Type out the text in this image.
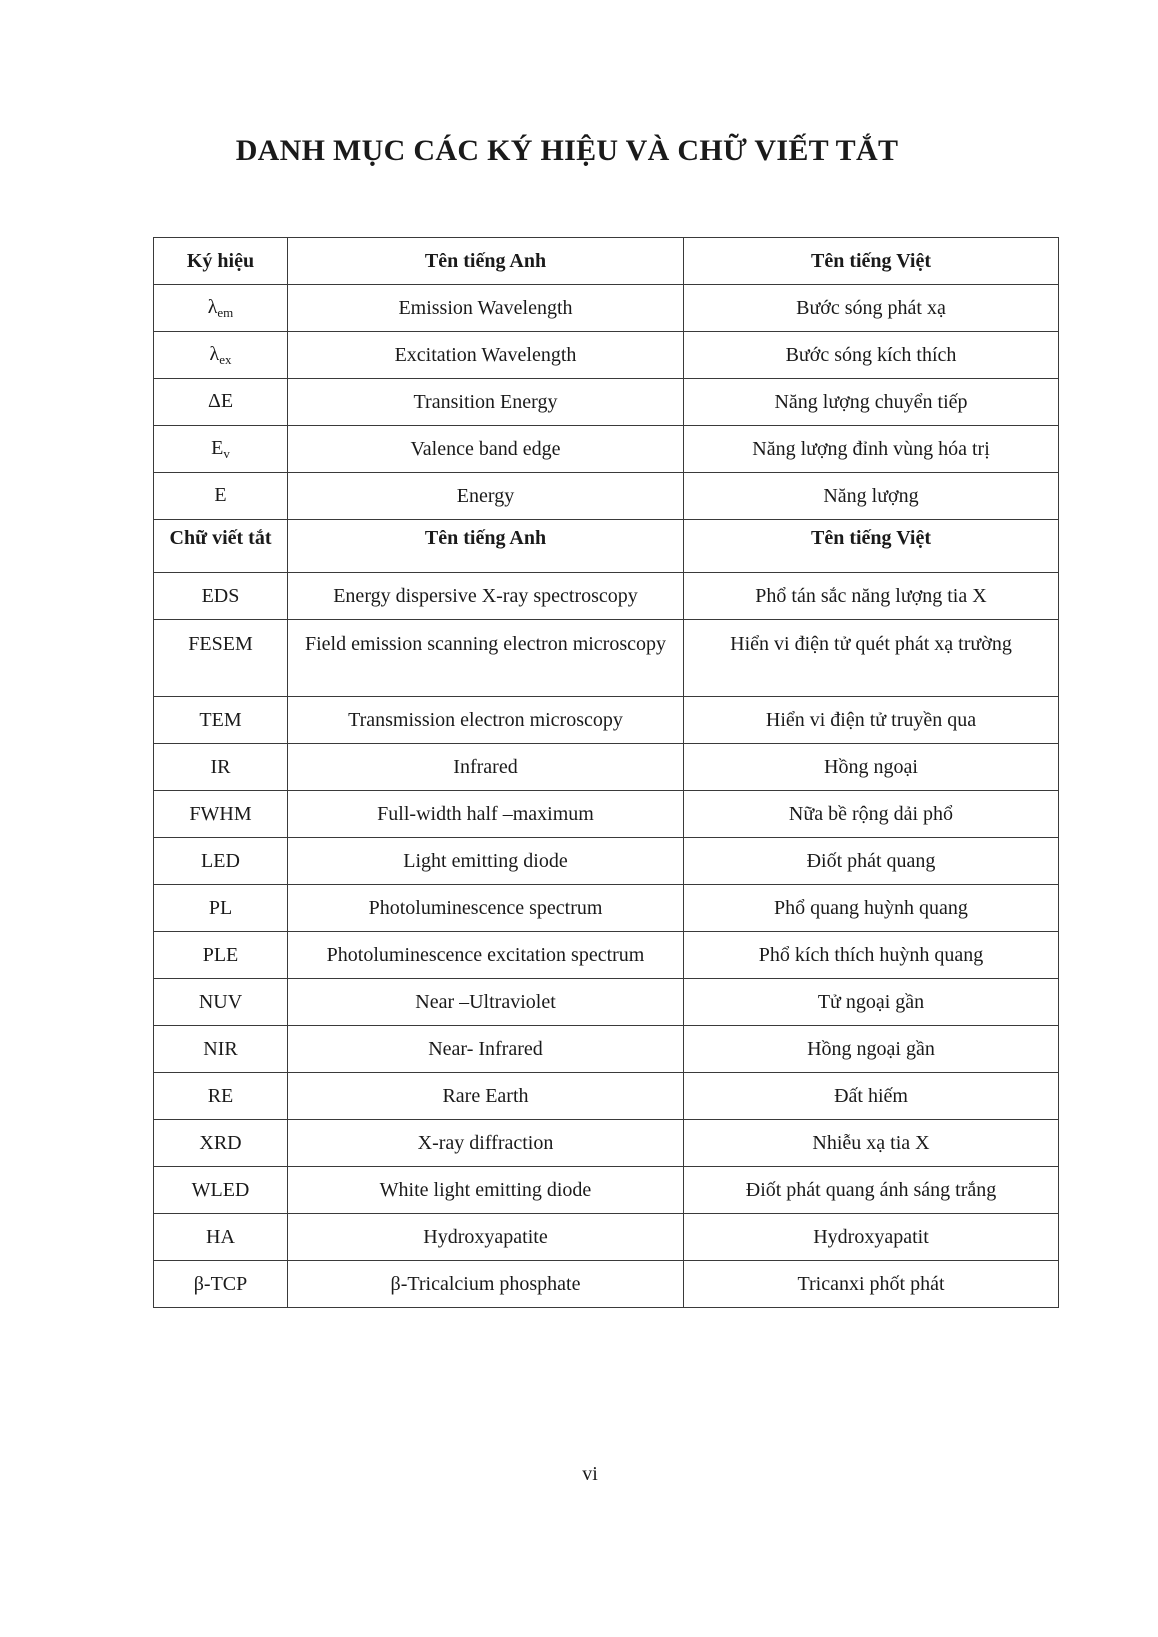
DANH MỤC CÁC KÝ HIỆU VÀ CHỮ VIẾT TẮT
Ký hiệu	Tên tiếng Anh	Tên tiếng Việt
$\lambda_{em}$	Emission Wavelength	Bước sóng phát xạ
$\lambda_{ex}$	Excitation Wavelength	Bước sóng kích thích
ΔE	Transition Energy	Năng lượng chuyển tiếp
$E_v$	Valence band edge	Năng lượng đỉnh vùng hóa trị
E	Energy	Năng lượng
Chữ viết tắt	Tên tiếng Anh	Tên tiếng Việt
EDS	Energy dispersive X-ray spectroscopy	Phổ tán sắc năng lượng tia X
FESEM	Field emission scanning electron microscopy	Hiển vi điện tử quét phát xạ trường
TEM	Transmission electron microscopy	Hiển vi điện tử truyền qua
IR	Infrared	Hồng ngoại
FWHM	Full-width half –maximum	Nữa bề rộng dải phổ
LED	Light emitting diode	Điốt phát quang
PL	Photoluminescence spectrum	Phổ quang huỳnh quang
PLE	Photoluminescence excitation spectrum	Phổ kích thích huỳnh quang
NUV	Near –Ultraviolet	Tử ngoại gần
NIR	Near- Infrared	Hồng ngoại gần
RE	Rare Earth	Đất hiếm
XRD	X-ray diffraction	Nhiễu xạ tia X
WLED	White light emitting diode	Điốt phát quang ánh sáng trắng
HA	Hydroxyapatite	Hydroxyapatit
β-TCP	β-Tricalcium phosphate	Tricanxi phốt phát
vi
